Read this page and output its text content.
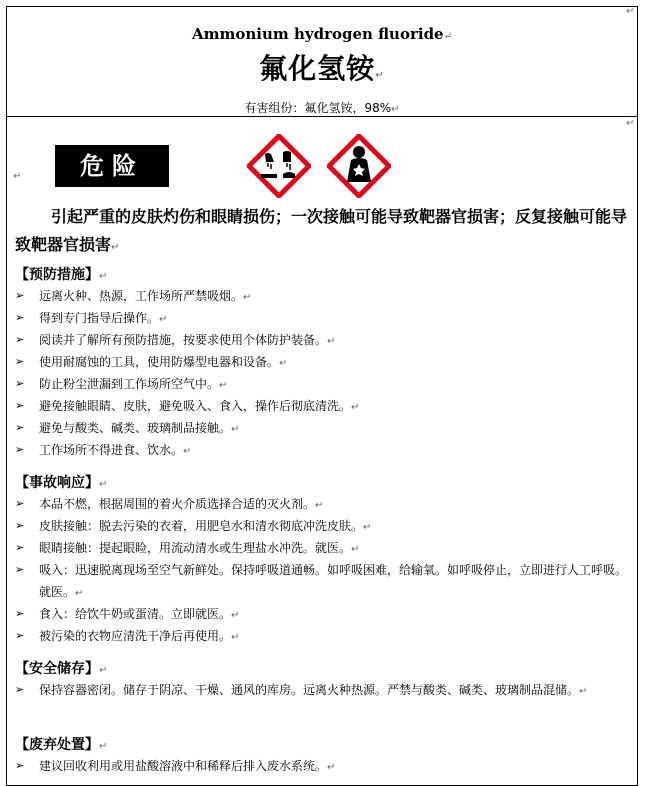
Ammonium hydrogen fluoride↵
氟化氢铵↵
有害组份：氟化氢铵，98%↵
↵
↵
↵	危险
引起严重的皮肤灼伤和眼睛损伤；一次接触可能导致靶器官损害；反复接触可能导致靶器官损害↵
【预防措施】↵
➢ 远离火种、热源，工作场所严禁吸烟。↵
➢ 得到专门指导后操作。↵
➢ 阅读并了解所有预防措施，按要求使用个体防护装备。↵
➢ 使用耐腐蚀的工具，使用防爆型电器和设备。↵
➢ 防止粉尘泄漏到工作场所空气中。↵
➢ 避免接触眼睛、皮肤，避免吸入、食入，操作后彻底清洗。↵
➢ 避免与酸类、碱类、玻璃制品接触。↵
➢ 工作场所不得进食、饮水。↵
【事故响应】↵
➢ 本品不燃，根据周围的着火介质选择合适的灭火剂。↵
➢ 皮肤接触：脱去污染的衣着，用肥皂水和清水彻底冲洗皮肤。↵
➢ 眼睛接触：提起眼睑，用流动清水或生理盐水冲洗。就医。↵
➢ 吸入：迅速脱离现场至空气新鲜处。保持呼吸道通畅。如呼吸困难，给输氧。如呼吸停止，立即进行人工呼吸。就医。↵
➢ 食入：给饮牛奶或蛋清。立即就医。↵
➢ 被污染的衣物应清洗干净后再使用。↵
【安全储存】↵
➢ 保持容器密闭。储存于阴凉、干燥、通风的库房。远离火种热源。严禁与酸类、碱类、玻璃制品混储。↵
【废弃处置】↵
➢ 建议回收利用或用盐酸溶液中和稀释后排入废水系统。↵
